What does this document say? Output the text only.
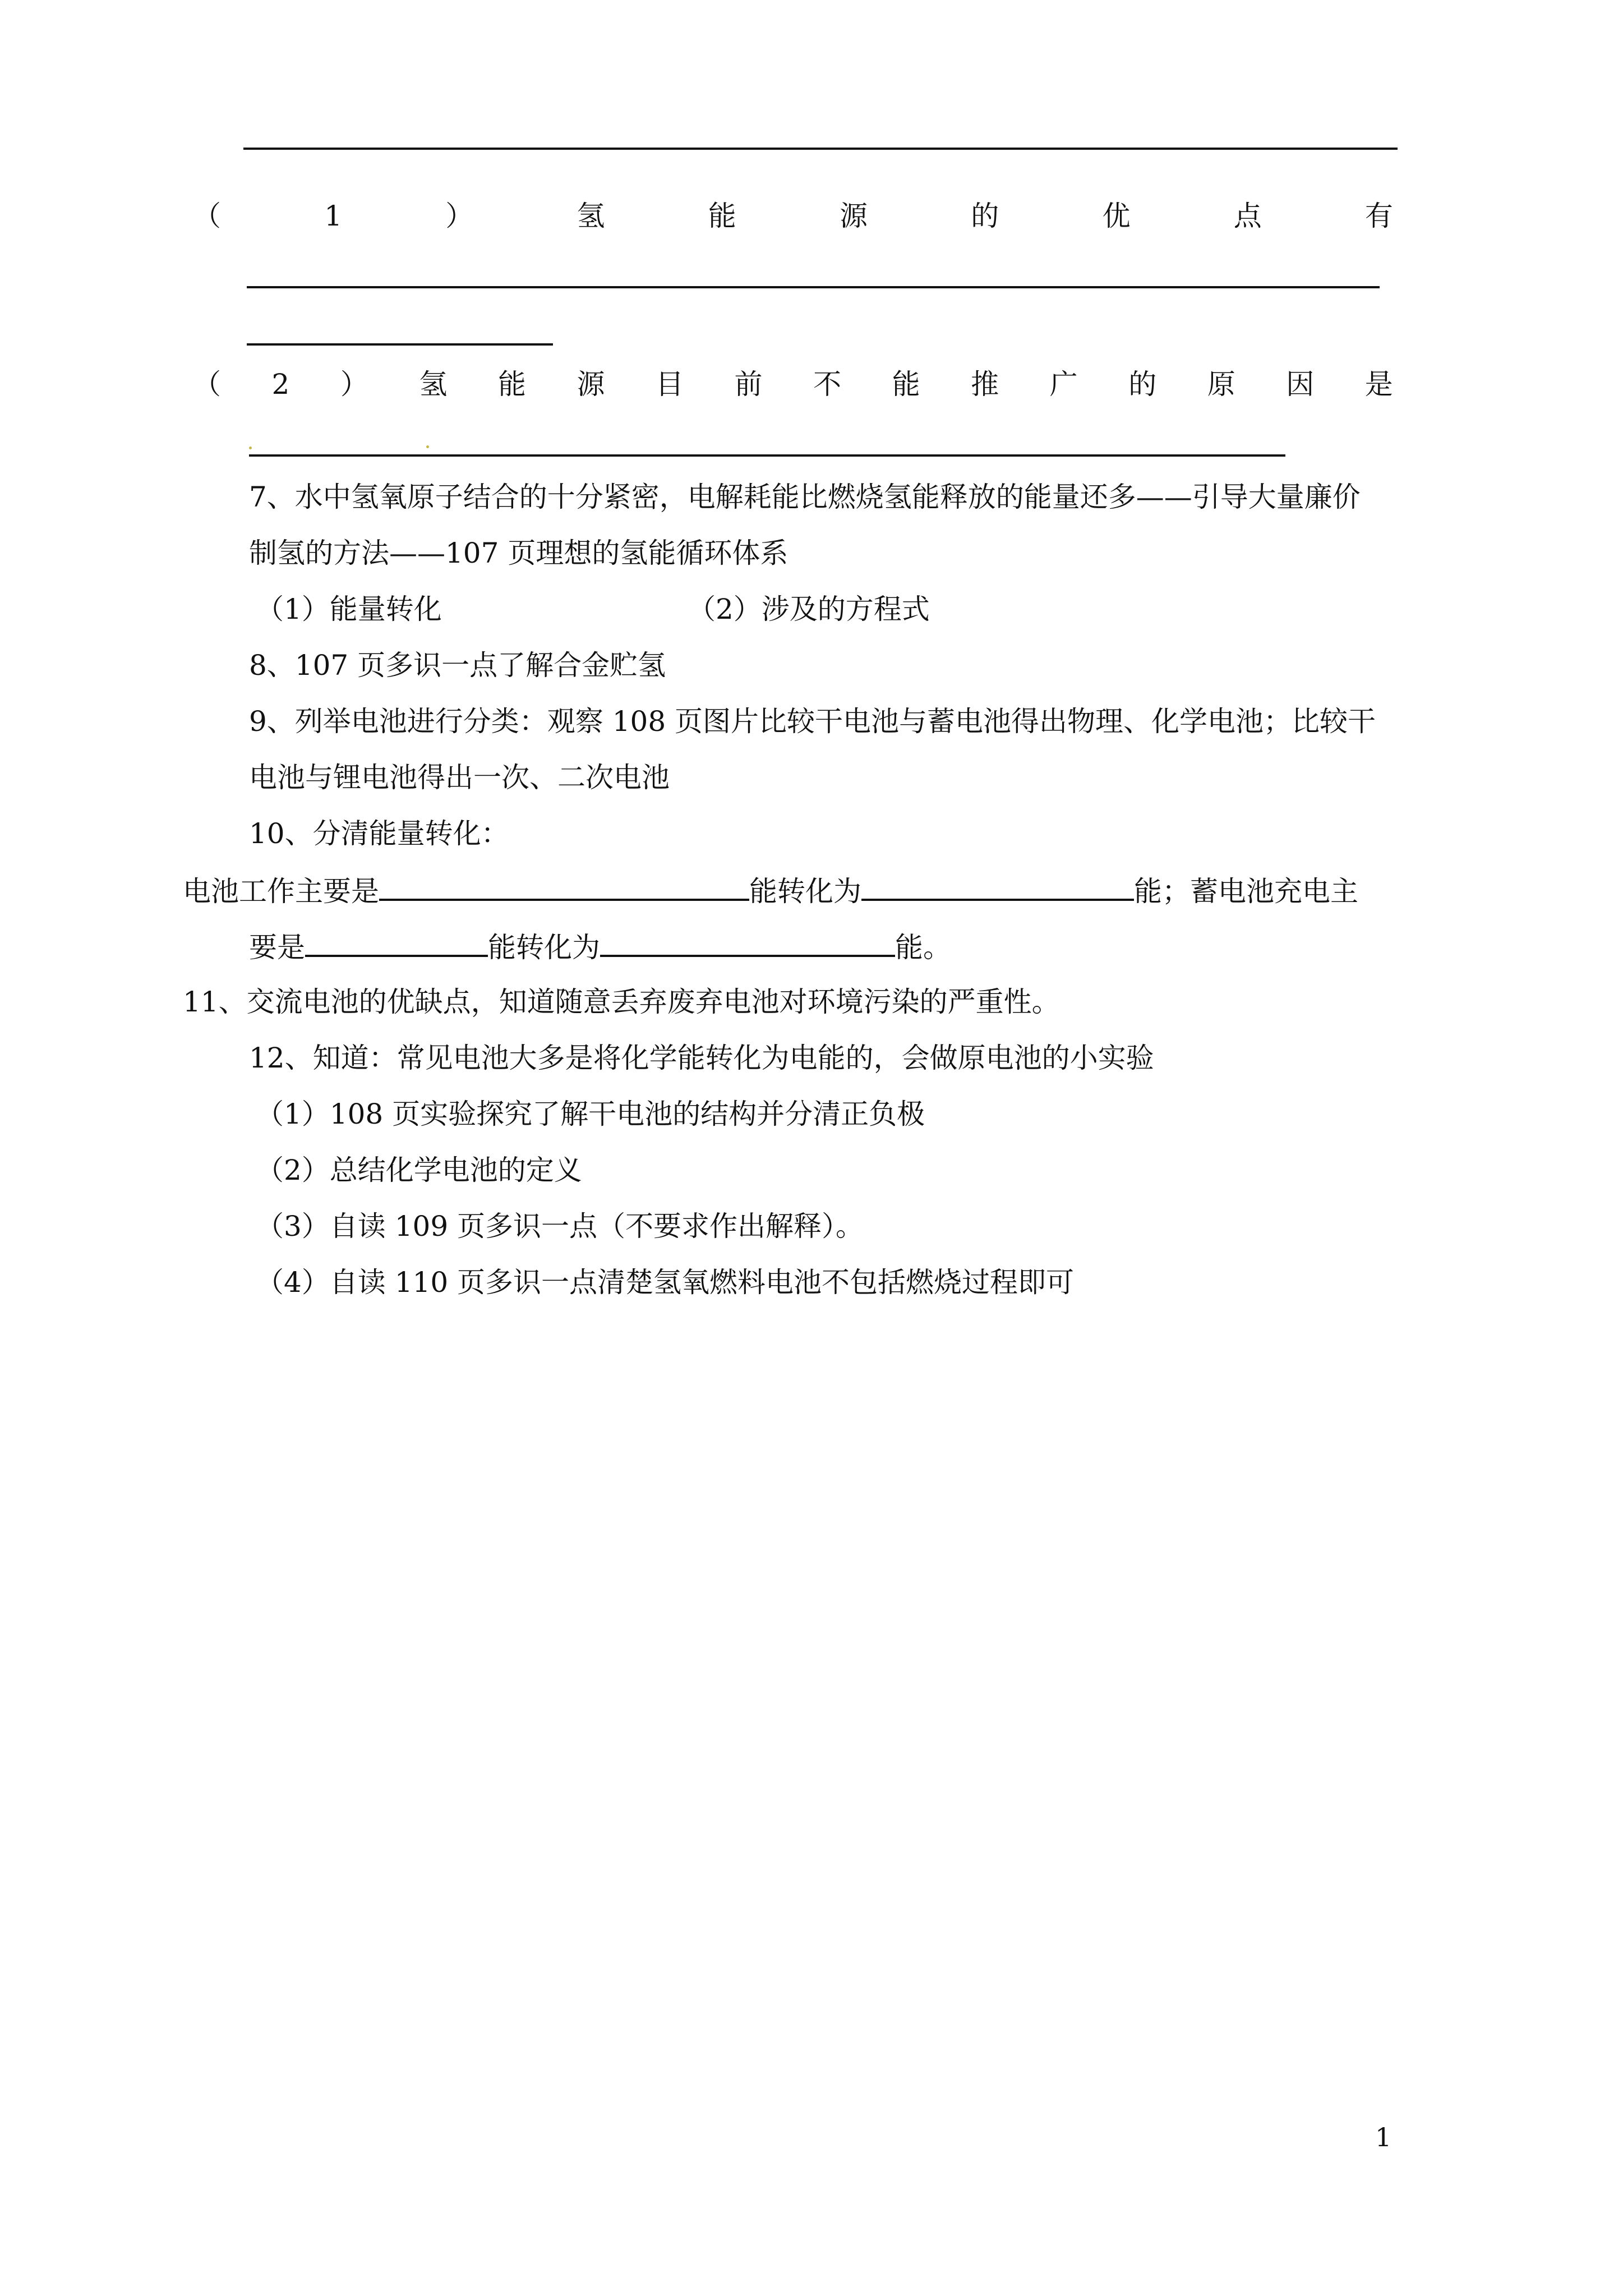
（	1	）	氢	能	源	的	优	点	有
（ 2 ） 氢 能 源 目 前 不 能 推 广 的 原 因 是
7、水中氢氧原子结合的十分紧密，电解耗能比燃烧氢能释放的能量还多——引导大量廉价
制氢的方法——107 页理想的氢能循环体系
（1）能量转化	（2）涉及的方程式
8、107 页多识一点了解合金贮氢
9、列举电池进行分类：观察 108 页图片比较干电池与蓄电池得出物理、化学电池；比较干
电池与锂电池得出一次、二次电池
10、分清能量转化：
电池工作主要是	能转化为	能；蓄电池充电主
要是	能转化为	能。
11、交流电池的优缺点，知道随意丢弃废弃电池对环境污染的严重性。
12、知道：常见电池大多是将化学能转化为电能的，会做原电池的小实验
（1）108 页实验探究了解干电池的结构并分清正负极
（2）总结化学电池的定义
（3）自读 109 页多识一点（不要求作出解释）。
（4）自读 110 页多识一点清楚氢氧燃料电池不包括燃烧过程即可
1
